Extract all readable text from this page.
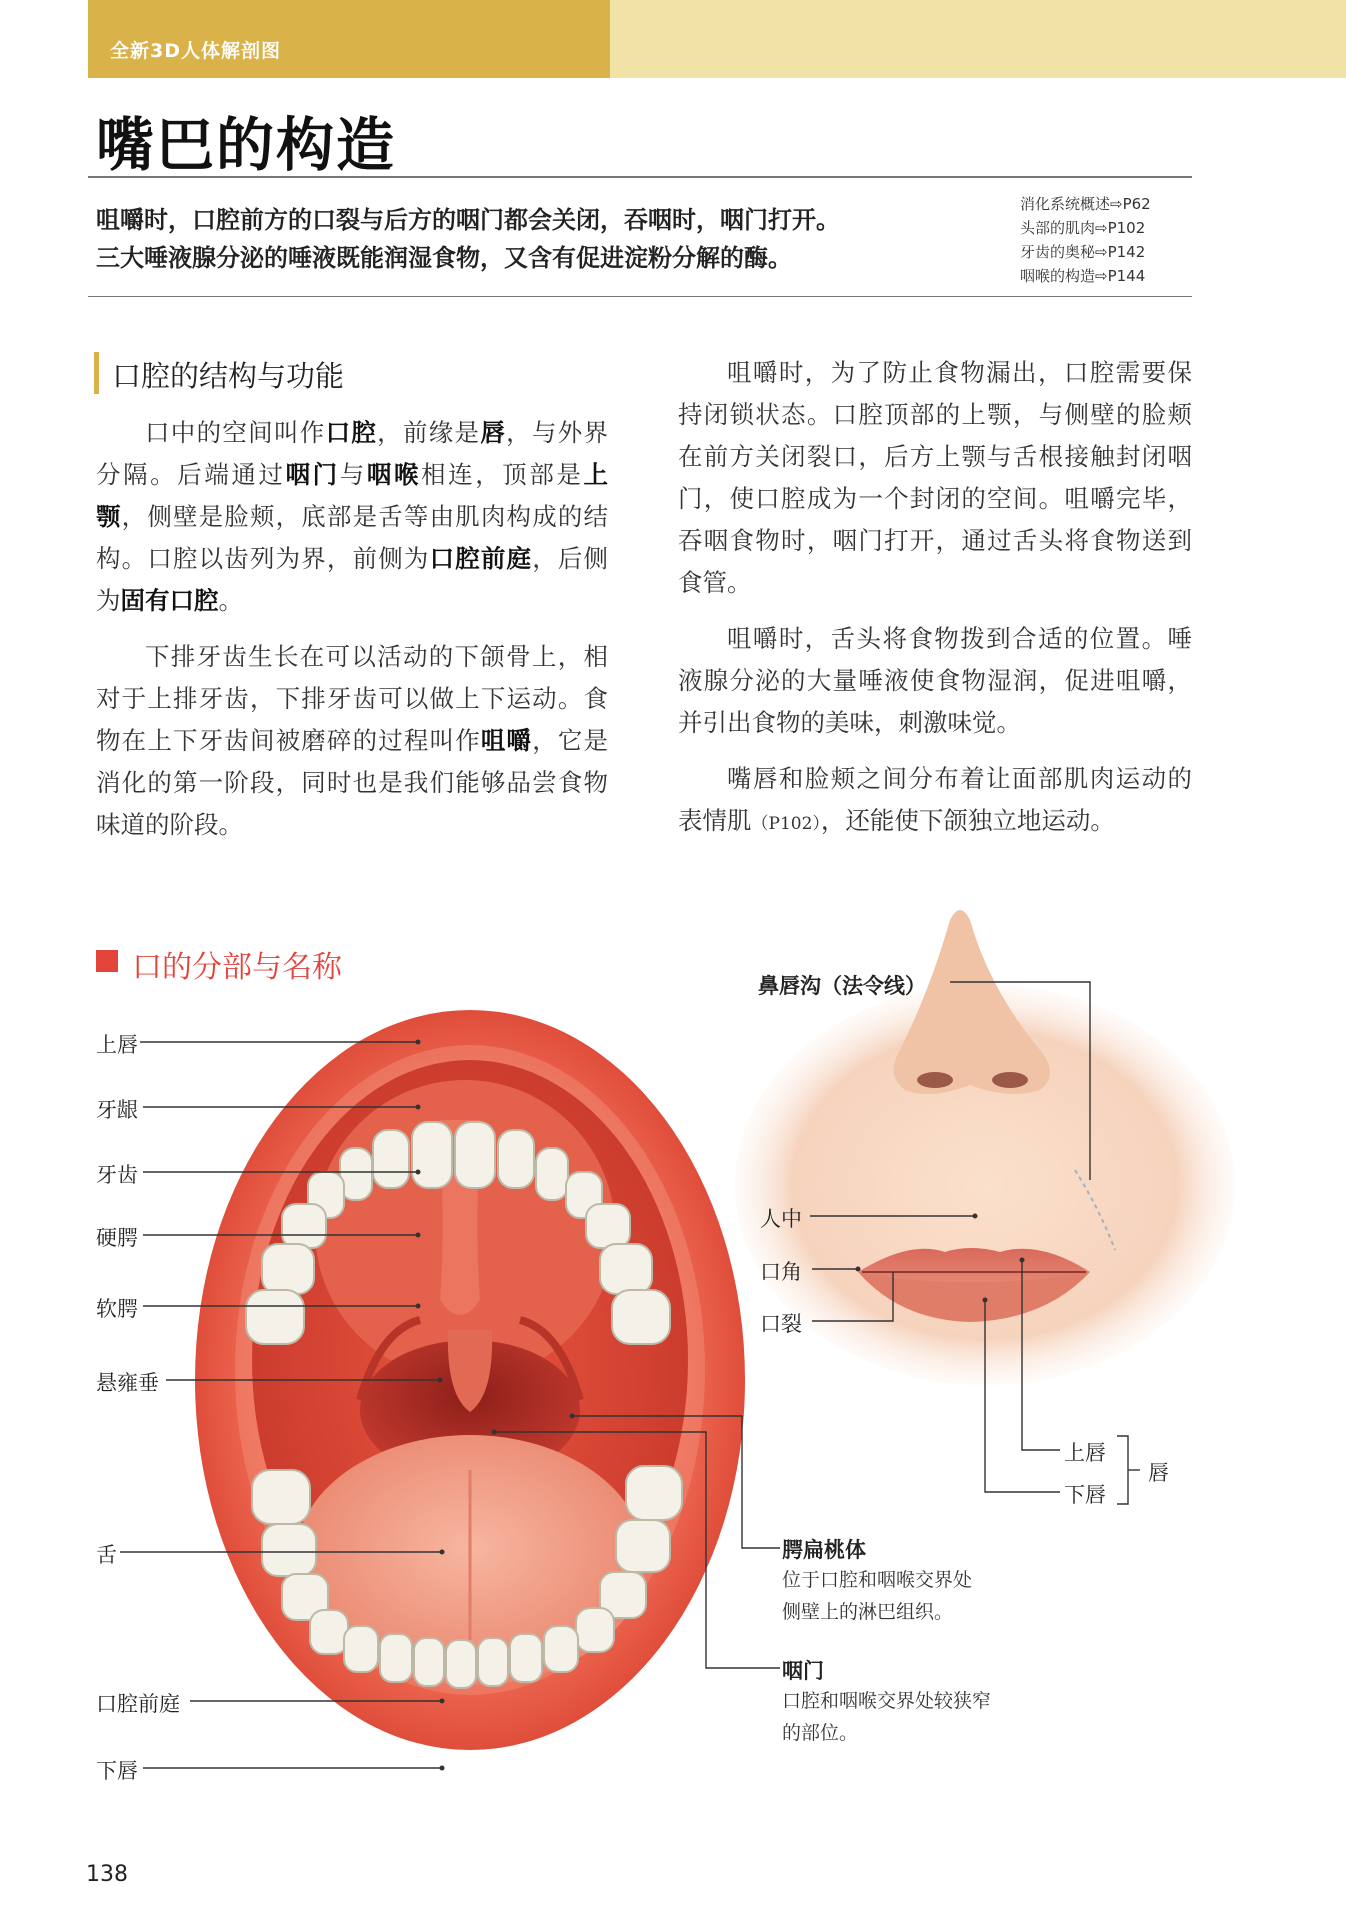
全新3D人体解剖图
嘴巴的构造
咀嚼时，口腔前方的口裂与后方的咽门都会关闭，吞咽时，咽门打开。
三大唾液腺分泌的唾液既能润湿食物，又含有促进淀粉分解的酶。
消化系统概述⇨P62
头部的肌肉⇨P102
牙齿的奥秘⇨P142
咽喉的构造⇨P144
口腔的结构与功能

口中的空间叫作口腔，前缘是唇，与外界分隔。后端通过咽门与咽喉相连，顶部是上颚，侧壁是脸颊，底部是舌等由肌肉构成的结构。口腔以齿列为界，前侧为口腔前庭，后侧为固有口腔。

下排牙齿生长在可以活动的下颌骨上，相对于上排牙齿，下排牙齿可以做上下运动。食物在上下牙齿间被磨碎的过程叫作咀嚼，它是消化的第一阶段，同时也是我们能够品尝食物味道的阶段。

咀嚼时，为了防止食物漏出，口腔需要保持闭锁状态。口腔顶部的上颚，与侧壁的脸颊在前方关闭裂口，后方上颚与舌根接触封闭咽门，使口腔成为一个封闭的空间。咀嚼完毕，吞咽食物时，咽门打开，通过舌头将食物送到食管。

咀嚼时，舌头将食物拨到合适的位置。唾液腺分泌的大量唾液使食物湿润，促进咀嚼，并引出食物的美味，刺激味觉。

嘴唇和脸颊之间分布着让面部肌肉运动的表情肌（P102），还能使下颌独立地运动。

口的分部与名称
上唇
牙龈
牙齿
硬腭
软腭
悬雍垂
舌
口腔前庭
下唇
腭扁桃体
位于口腔和咽喉交界处
侧壁上的淋巴组织。
咽门
口腔和咽喉交界处较狭窄
的部位。
鼻唇沟（法令线）
人中
口角
口裂
上唇
下唇
唇
138
